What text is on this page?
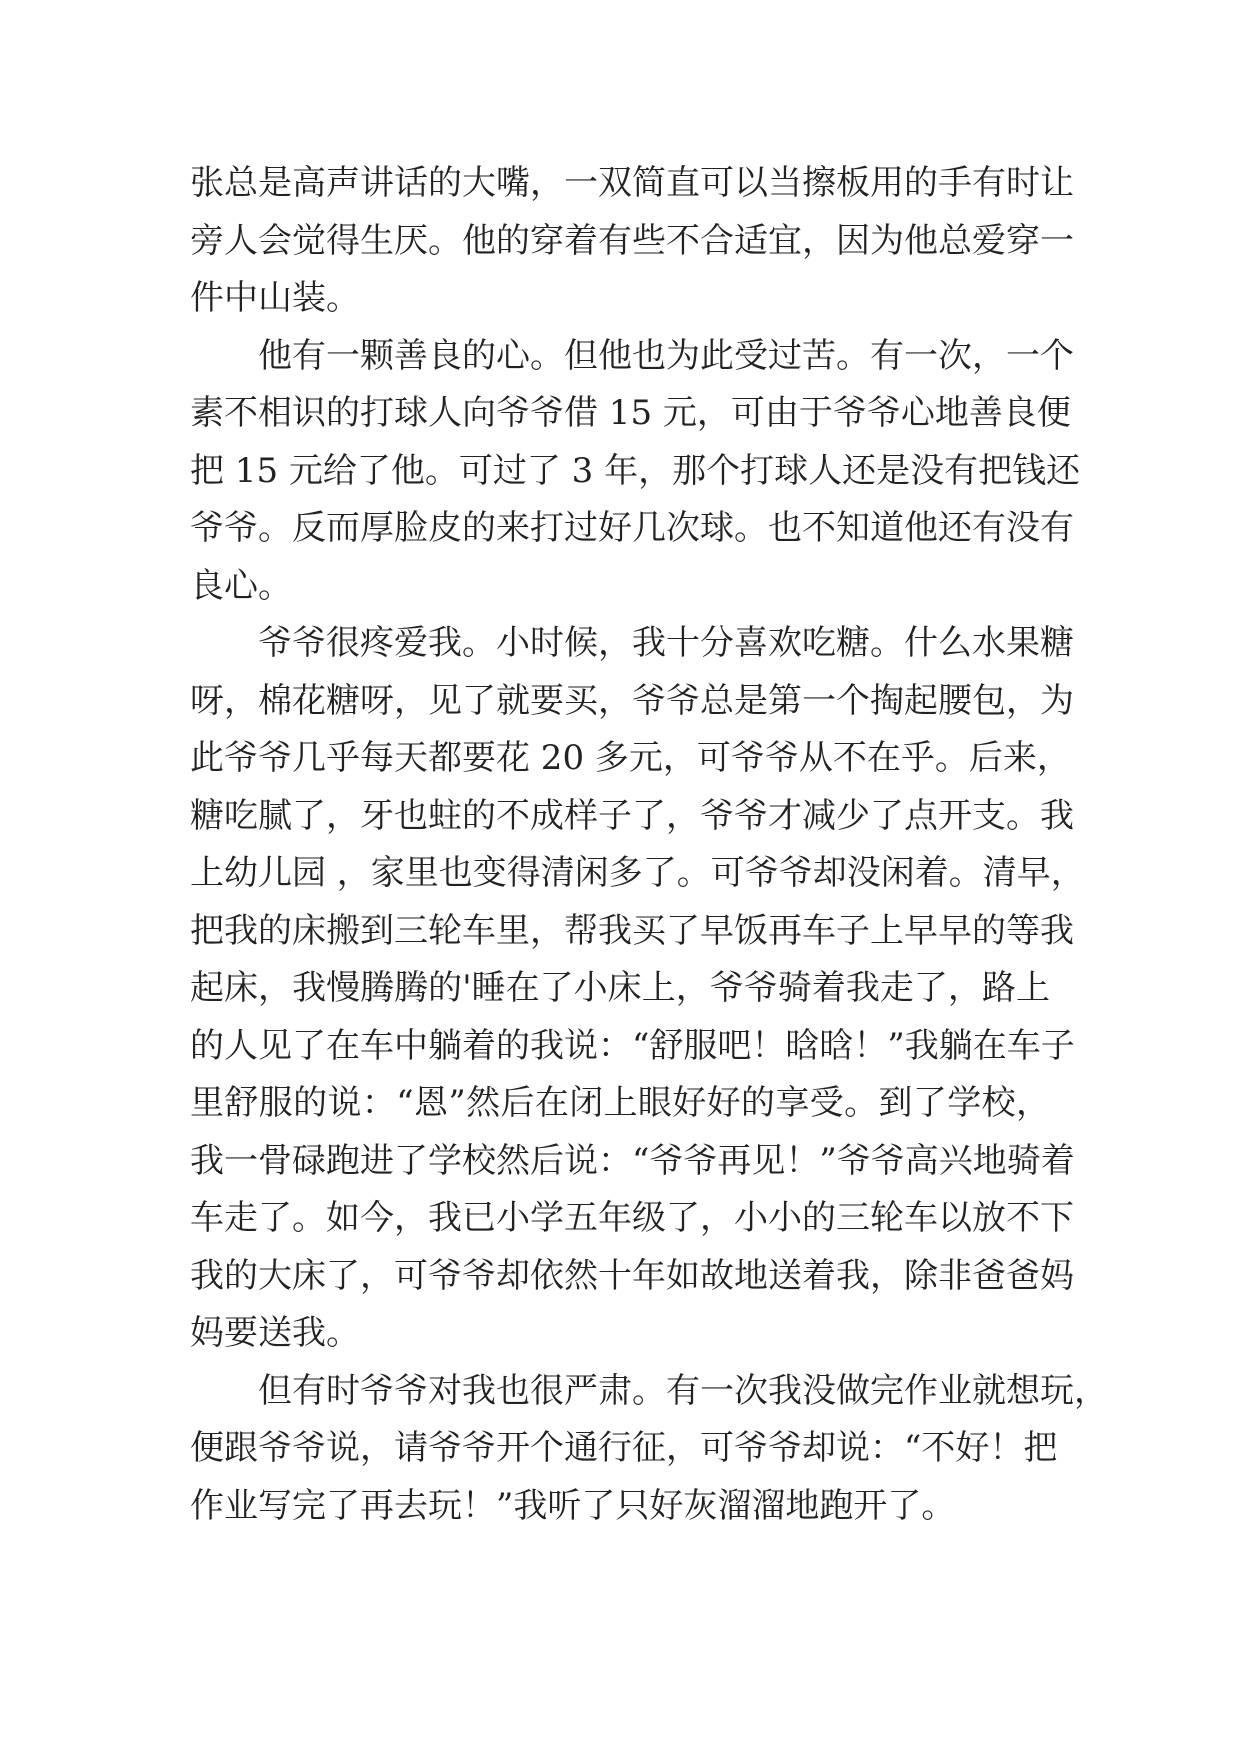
张总是高声讲话的大嘴，一双简直可以当擦板用的手有时让
旁人会觉得生厌。他的穿着有些不合适宜，因为他总爱穿一
件中山装。
他有一颗善良的心。但他也为此受过苦。有一次，一个
素不相识的打球人向爷爷借 15 元，可由于爷爷心地善良便
把 15 元给了他。可过了 3 年，那个打球人还是没有把钱还
爷爷。反而厚脸皮的来打过好几次球。也不知道他还有没有
良心。
爷爷很疼爱我。小时候，我十分喜欢吃糖。什么水果糖
呀，棉花糖呀，见了就要买，爷爷总是第一个掏起腰包，为
此爷爷几乎每天都要花 20 多元，可爷爷从不在乎。后来，
糖吃腻了，牙也蛀的不成样子了，爷爷才减少了点开支。我
上幼儿园 ，家里也变得清闲多了。可爷爷却没闲着。清早，
把我的床搬到三轮车里，帮我买了早饭再车子上早早的等我
起床，我慢腾腾的'睡在了小床上，爷爷骑着我走了，路上
的人见了在车中躺着的我说：“舒服吧！晗晗！”我躺在车子
里舒服的说：“恩”然后在闭上眼好好的享受。到了学校，
我一骨碌跑进了学校然后说：“爷爷再见！”爷爷高兴地骑着
车走了。如今，我已小学五年级了，小小的三轮车以放不下
我的大床了，可爷爷却依然十年如故地送着我，除非爸爸妈
妈要送我。
但有时爷爷对我也很严肃。有一次我没做完作业就想玩，
便跟爷爷说，请爷爷开个通行征，可爷爷却说：“不好！把
作业写完了再去玩！”我听了只好灰溜溜地跑开了。
